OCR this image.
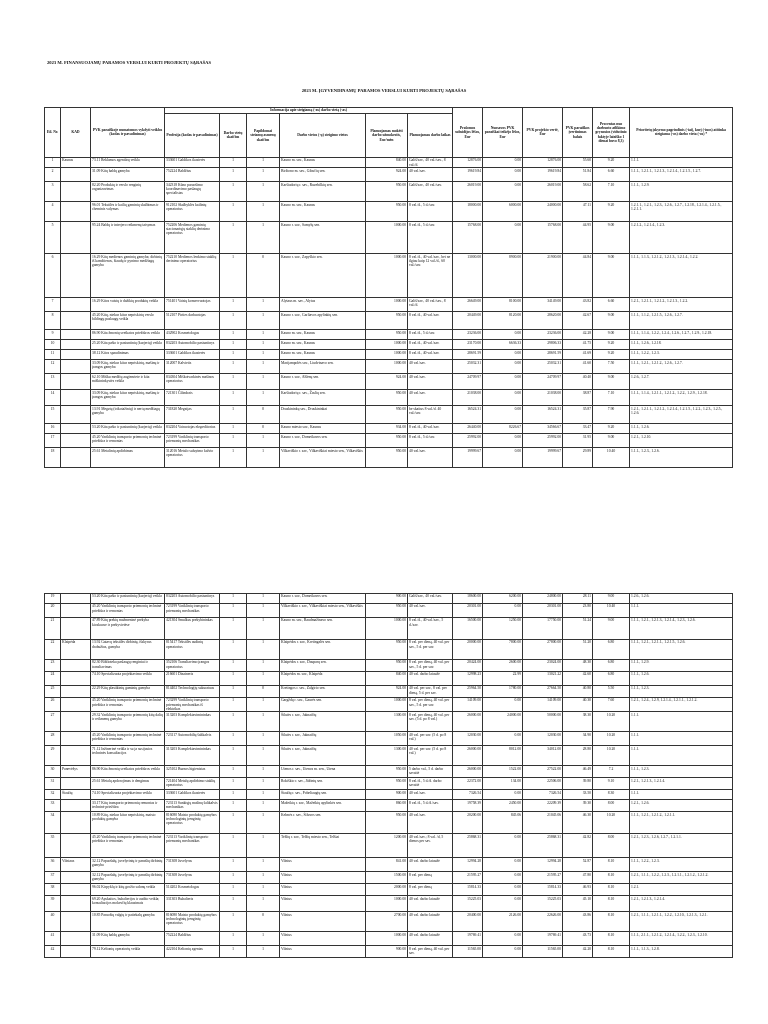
2023 M. FINANSUOJAMŲ PARAMOS VERSLUI KURTI PROJEKTŲ SĄRAŠAS
2023 M. ĮGYVENDINAMŲ PARAMOS VERSLUI KURTI PROJEKTŲ SĄRAŠAS
Eil. Nr.	KAD	PVK paraiškoje numatomos vykdyti veiklos (kodas ir pavadinimas)	Informacija apie steigiamą (-as) darbo vietą (-as)						Prašomos subsidijos lėšos, Eur	Nuosavos PVK paraiškai teikėjo lėšos, Eur	PVK projekto vertė, Eur	PVK paraiškos įvertinimas balais	Procentas nuo darbuoto atlikimo grynosios (vidutinio faktyje laiziško 1 dienai buvo 8,3)	Prioritetų įskyrmo pagrindinis (-iai), kurį (-iuos) atitinka steigiama (-os) darbo vieta (-os) *
			Profesija (kodas ir pavadinimas)	Darbo vietų skaičius	Papildomai steiamų asmenų skaičius	Darbo vietos (-ų) steigimo vietos	Planuojamas mokėti darbo užmokestis, Eur/mėn	Planuojamas darbo laikas						
1	Kaunas	73.11 Reklamos agentūrų veikla	333601 Galdikos ikasierės	1	1	Kauno m. sav., Kaunas	840.00	Gališ/sav., 40 val./sav., 8 val./d.	12876.00	0.00	12876.00	55.60	9.20	1.1.1.
2		31.09 Kitų baldų gamyba	752224 Baldžius	1	1	Birštono m. sav., Gibučių sen.	924.00	40 val./sav.	19619.84	0.00	19619.84	51.84	6.60	1.1.1., 1.2.1.1., 1.2.1.3., 1.2.1.4., 1.2.1.5., 1.2.7.
3		82.20 Produktų ir verslo renginių organizavimas	342318 Kūno paruošimo koordinavimo paslaugų specialistas	1	1	Karšiadorių r. sav., Ruzebilkių sen.	950.00	Gališ/sav., 40 val./sav.	26019.00	0.00	26019.00	58.62	7.10	1.1.1., 1.2.9.
4		96.01 Tekstilės ir kailių gaminių skalbimas ir cheminis valymas	912102 Skalbyklės kailinių operatorius	1	1	Kauno m. sav., Kaunas	950.00	8 val./d., 5 d./sav.	18000.00	6000.00	24000.00	47.11	9.20	1.2.1.1., 1.2.1., 1.2.3., 1.2.6., 1.2.7., 1.2.18., 1.2.1.4., 1.2.1.5., 1.2.1.1.
5		95.24 Baldų ir interjero reikmenų taisymas	752206 Medienos gaminių stacionariųjų staklių derinimo operatorius	1	1	Kauno r. sav., Samylų sen.	1000.00	8 val./d., 5 d./sav.	15768.00	0.00	15768.00	44.95	9.00	1.2.1.2., 1.2.1.4., 1.2.3.
6		16.29 Kitų medienos gaminių gamyba; dirbinių iš kamštienos, šiaudų ir pynimo medžiagų gamyba	752210 Medienos lenkimo staklių derinimo operatorius	1	0	Kauno r. sav., Zapyškio sen.	1000.00	8 val./d., 40 val./sav., bet ne ilgiau kaip 12 val./d., 60 val./sav.	13000.00	8900.00	21900.00	44.84	9.00	1.1.1., 1.1.3., 1.2.1.2., 1.2.1.3., 1.2.1.4., 1.2.2.
7		16.29 Kitos vaistų ir dažikių produktų veikla	751401 Vaisių konservuotojas	1	1	Alytaus m. sav., Alytus	1000.00	Gališ/sav., 40 val./sav., 8 val./d.	26649.00	8100.00	34149.00	43.82	6.60	1.2.1., 1.2.1.1., 1.2.1.2., 1.2.1.3., 1.2.2.
8		45.20 Kitų, niekur kitur nepriskirtų verslo bildingų paslaugų veikla	512107 Pirties darbuotojas	1	1	Kauno r. sav., Garliavos apylinkių sen.	950.00	8 val./d., 40 val./sav.	20449.00	8120.00	28620.00	42.67	9.00	1.1.1., 1.1.2., 1.2.1.5., 1.2.6., 1.2.7.
9		86.90 Kita žmonių sveikatos priežiūros veikla	432902 Kosmetologas	1	1	Kauno m. sav., Kaunas	950.00	8 val./d., 5 d./sav.	23236.00	0.00	23236.00	42.28	9.00	1.1.1., 1.1.4., 1.2.2., 1.2.4., 1.2.6., 1.2.7., 1.2.9., 1.2.18.
10		25.20 Kita pašto ir pasiuntinių (kurjerių) veikla	832203 Automobilio pasiuntinys	1	1	Kauno m. sav., Kaunas	1000.00	8 val./d., 40 val./sav.	23170.00	6636.33	29806.33	41.75	9.20	1.1.1., 1.2.6., 1.2.18.
11		38.12 Kitos spaudinimas	333601 Galdikos ikasierės	1	1	Kauno m. sav., Kaunas	1000.00	8 val./d., 40 val./sav.	28691.59	0.00	28691.59	41.69	9.20	1.1.1., 1.2.2., 1.2.3.
12		33.09 Kitų, niekur kitur nepriskirtų, mašinų ir įrangos gamyba	312007 Kalvietis	1	1	Marijampolės sav., Liudvinavo sen.	1000.00	40 val./sav.	25032.31	0.00	25032.31	41.60	7.50	1.1.1., 1.2.1., 1.2.1.2., 1.2.6., 1.2.7.
13		62.10 Mišku medžių augimviete ir kita miškininkystės veikla	834304 Miškotvarkinės mašinos operatorius	1	1	Kauno r. sav., Alšėnų sen.	924.00	40 val./sav.	24709.97	0.00	24709.97	40.40	9.00	1.2.6., 1.2.7.
14		33.09 Kitų, niekur kitur nepriskirtų, mašinų ir įrangos gamyba	721301 Čilindrais	1	1	Karšiadorių r. sav., Žaslių sen.	950.00	40 val./sav.	21038.00	0.00	21038.00	38.87	7.10	1.1.1., 1.1.4., 1.2.1.1., 1.2.1.2., 1.2.2., 1.2.9., 1.2.18.
15		13.91 Megztų (trikotažinių) ir nertų medžiagų gamyba	731820 Megztjas	1	0	Druskininkų sav., Druskininkai	950.00	be skaiius 8 val./d. 40 val./sav.	16524.31	0.00	16524.31	35.87	7.90	1.2.1., 1.2.1.1., 1.2.1.2., 1.2.1.4., 1.2.1.5., 1.2.2., 1.2.3., 1.2.5., 1.2.6.
16		53.20 Kita pašto ir pasiuntinių (kurjerių) veikla	832204 Vairuotojas ekspeditorius	1	0	Kauno miesto sav., Kaunas	934.00	8 val./d., 40 val./sav.	26440.00	8226.67	34566.67	33.47	9.20	1.1.1., 1.2.6.
17		45.20 Variklinių transporto priemonių techninė priežiūra ir remontas	723199 Variklinių transporto priemonių mechanikas	1	1	Kauno r. sav., Domeikavos sen.	950.00	8 val./d., 5 d./sav.	25992.00	0.00	25992.00	31.95	9.00	1.2.1., 1.2.10.
18		25.61 Metalinių apdirbimas	312016 Metalo suluyimo kalvio operatorius	1	1	Vilkaviškio r. sav., Vilkaviškiai miesto sen., Vilkaviškis	950.00	40 val./sav.	19999.67	0.00	19999.67	29.89	10.40	1.1.1., 1.2.3., 1.2.6.
19		53.20 Kita pašto ir pasiuntinių (kurjerių) veikla	832203 Automobilio pasiuntinys	1	1	Kauno r. sav., Domeikavos sen.	900.00	Gališ/sav., 40 val./sav.	18600.00	6200.00	24800.00	28.11	9.00	1.2.6., 1.2.6.
20		45.20 Variklinių transporto priemonių techninė priežiūra ir remontas	723199 Variklinių transporto priemonių mechanikas	1	1	Vilkaviškio r. sav., Vilkaviškiai miesto sen., Vilkaviškis	950.00	40 val./sav.	20301.00	0.00	20301.00	23.80	10.40	1.1.1.
21		47.89 Kitų prekių mažmeninė prekyba kioskuose ir prekyvietėse	421304 Smulkus prekybininkas	1	1	Kauno m. sav., Baudmažinavo sen.	1000.00	8 val./d., 40 val./sav., 5 d./sav.	16500.00	1250.00	17750.00	51.24	9.00	1.1.1., 1.2.1., 1.2.1.3., 1.2.1.4., 1.2.3., 1.2.6.
22	Klaipėda	13.92 Gatavų tekstilės dirbinių, išskyrus drabužius, gamyba	815417 Tekstilės audinių operatorius	1	1	Klaipėdos r. sav., Kretingalės sen.	950.00	8 val. per dieną, 40 val. per sav., 5 d. per sav.	20000.00	7800.00	27800.00	51.20	6.80	1.1.1., 1.2.1., 1.2.1.1., 1.2.1.5., 1.2.6.
23		82.30 Biblioteka paslaugų renginiai ir transliavimas	352106 Transliavimo įrangos operatorius	1	1	Klaipėdos r. sav., Dauparų sen.	950.00	8 val. per dieną, 40 val. per sav., 5 d. per sav.	20424.00	2600.00	23024.00	48.30	6.80	1.1.1., 1.2.9.
24		74.10 Specializuota projektavimo veikla	216601 Dizaineris	1	1	Klaipėdos m. sav., Klaipėda	840.00	40 val. darbo laiaužė	12998.23	22.99	13021.22	42.60	6.80	1.1.1., 1.2.6.
25		22.29 Kitų plastikinių gaminių gamyba	814402 Technologijų sukuratuas	1	0	Kretingos r. sav., Žalgirio sen.	924.00	40 val. per sav., 8 val. per dieną, 5 d. per sav.	25964.50	1780.00	27664.50	40.80	5.50	1.1.1., 1.2.3.
26		45.20 Variklinių transporto priemonių techninė priežiūra ir remontas	723299 Variklinių transporto priemonių mechanikas iš elektrikas	1	1	Gargždų r. sav., Gaurės sen.	1000.00	8 val. per dieną, 40 val. per sav., 5 d. per sav.	14109.00	0.00	14109.00	40.30	7.60	1.2.1., 1.2.4., 1.2.9, 1.2.1.4., 1.2.1.1., 1.2.1.2.
27		29.32 Variklinių transporto priemonių kitų dalių ir reikmenų gamyba	313203 Komplektavimininkas	1	1	Šilutės r. sav., Juknaičių	1300.00	8 val. per dieną, 40 val. per sav. (5 d. po 8 val.)	26000.00	24000.00	50000.00	38.30	10.20	1.1.1.
28		45.20 Variklinių transporto priemonių techninė priežiūra ir remontas	723117 Automobilių šaltkalvis	1	1	Šilutės r. sav., Juknaičių	1050.00	40 val. per sav. (5 d. po 8 val.)	12030.00	0.00	12030.00	34.90	10.20	1.1.1.
29		71.12 Inžinerinė veikla ir su ja susijusios techninės konsultacijos	313203 Komplektavimininkas	1	1	Šilutės r. sav., Juknaičių	1300.00	40 val. per sav. (5 d. po 8 val.)	26000.00	8012.00	34012.00	28.80	10.20	1.1.1.
30	Panevėžys	86.90 Kita žmonių sveikatos priežiūros veikla	325102 Burnos higienistas	1	1	Utenos r. sav., Utenos m. sen., Utena	950.00	5 darbo val., 5 d. darbo savaitė	26000.00	1522.00	27522.00	46.49	7.2	1.1.1., 1.2.3.
31		25.61 Metalų apdorojimas ir dengimas	721404 Metalų apdirbimo staklių operatorius	1	1	Rokiškio r. sav., Jūžintų sen.	950.00	8 val./d., 5 d./d. darbo savaitė	22372.00	134.00	22506.00	39.80	9.10	1.2.1., 1.2.1.3., 1.2.1.4.
32	Šiaulių	74.10 Specializuota projektavimo veikla	333601 Galdikos ikasierės	1	1	Šiaulių r. sav., Pobeliaugių sen.	900.00	40 val./sav.	7326.54	0.00	7326.54	33.50	8.30	1.1.1.
33		33.17 Kitų transporto priemonių remontas ir techninė priežiūra	723113 Sunkiųjų mašinų šaltkalvis mechanikas	1	1	Mažeikių r. sav., Mažeikių apylinkės sen.	860.00	8 val./d., 5 d./d./sav.	19758.39	2450.00	22209.39	39.30	8.00	1.2.1., 1.2.6.
34		10.89 Kitų, niekur kitur nepriskirtų, maisto produktų gamyba	816080 Maisto produktų gamybos technologinių įrenginių operatorius	1	1	Kelmės r. sav., Šiluvos sen.	950.00	40 val./sav.	20200.00	845.06	21045.06	46.30	10.20	1.1.1., 1.2.1., 1.2.1.2., 1.2.1.1.
35		45.20 Variklinių transporto priemonių techninė priežiūra ir remontas	723113 Variklinių transporto priemonių mechanikas	1	1	Telšių r. sav., Telšių miesto sen., Telšiai	1200.00	40 val./sav.; 8 val. /d, 5 dienos per sav.	25868.31	0.00	25868.31	42.82	8.00	1.2.1., 1.2.3., 1.2.6, 1.2.7., 1.2.1.1.
36	Vilniaus	32.12 Papuošalų, juvelyrinių ir panašių dirbinių gamyba	731308 Juvelyras	1	1	Vilnius	841.00	40 val. darbo laiaužė	12994.28	0.00	12994.28	52.87	8.10	1.1.1., 1.2.2., 1.2.3.
37		32.12 Papuošalų, juvelyrinių ir panašių dirbinių gamyba	731308 Juvelyras	1	1	Vilnius	1500.00	8 val. per dieną	21595.27	0.00	21595.27	47.80	8.10	1.2.1., 1.1.1., 1.2.2., 1.2.3., 1.2.1.1., 1.2.1.2., 1.2.1.2.
38		96.02 Kirpyklų ir kitų grožio salonų veikla	514202 Kosmetologas	1	1	Vilnius	2000.00	8 val. per dieną	15814.33	0.00	15814.33	46.93	8.10	1.2.1.
39		69.20 Apskaitos, buhalterijos ir audito veikla; konsultacijos mokesčių klausimais	331303 Buhalteris	1	1	Vilnius	1000.00	40 val. darbo laiaužė	15225.03	0.00	15225.03	45.10	8.10	1.2.1., 1.2.1.3., 1.2.1.4.
40		10.85 Paruoštų valgių ir patiekalų gamyba	816080 Maisto produktų gamybos technologinių įrenginių operatorius	1	0	Vilnius	2700.00	40 val. darbo laiaužė	20400.00	2126.00	22626.00	43.86	8.10	1.2.1., 1.1.1., 1.2.1.1., 1.2.2., 1.2.10., 1.2.1.3., 1.2.1.
41		31.09 Kitų baldų gamyba	752224 Baldžius	1	1	Vilnius	1000.00	40 val. darbo laiaužė	19769.41	0.00	19769.41	43.73	8.10	1.1.1., 2.1.1., 1.2.1.2., 1.2.1.4., 1.2.2., 1.2.3., 1.2.10.
42		79.12 Kelionių operatorių veikla	422104 Kelionių agentas	1	1	Vilnius	900.00	8 val. per dieną, 40 val. per sav.	11565.00	0.00	11565.00	42.20	8.10	1.1.1., 1.1.3., 1.2.8.
